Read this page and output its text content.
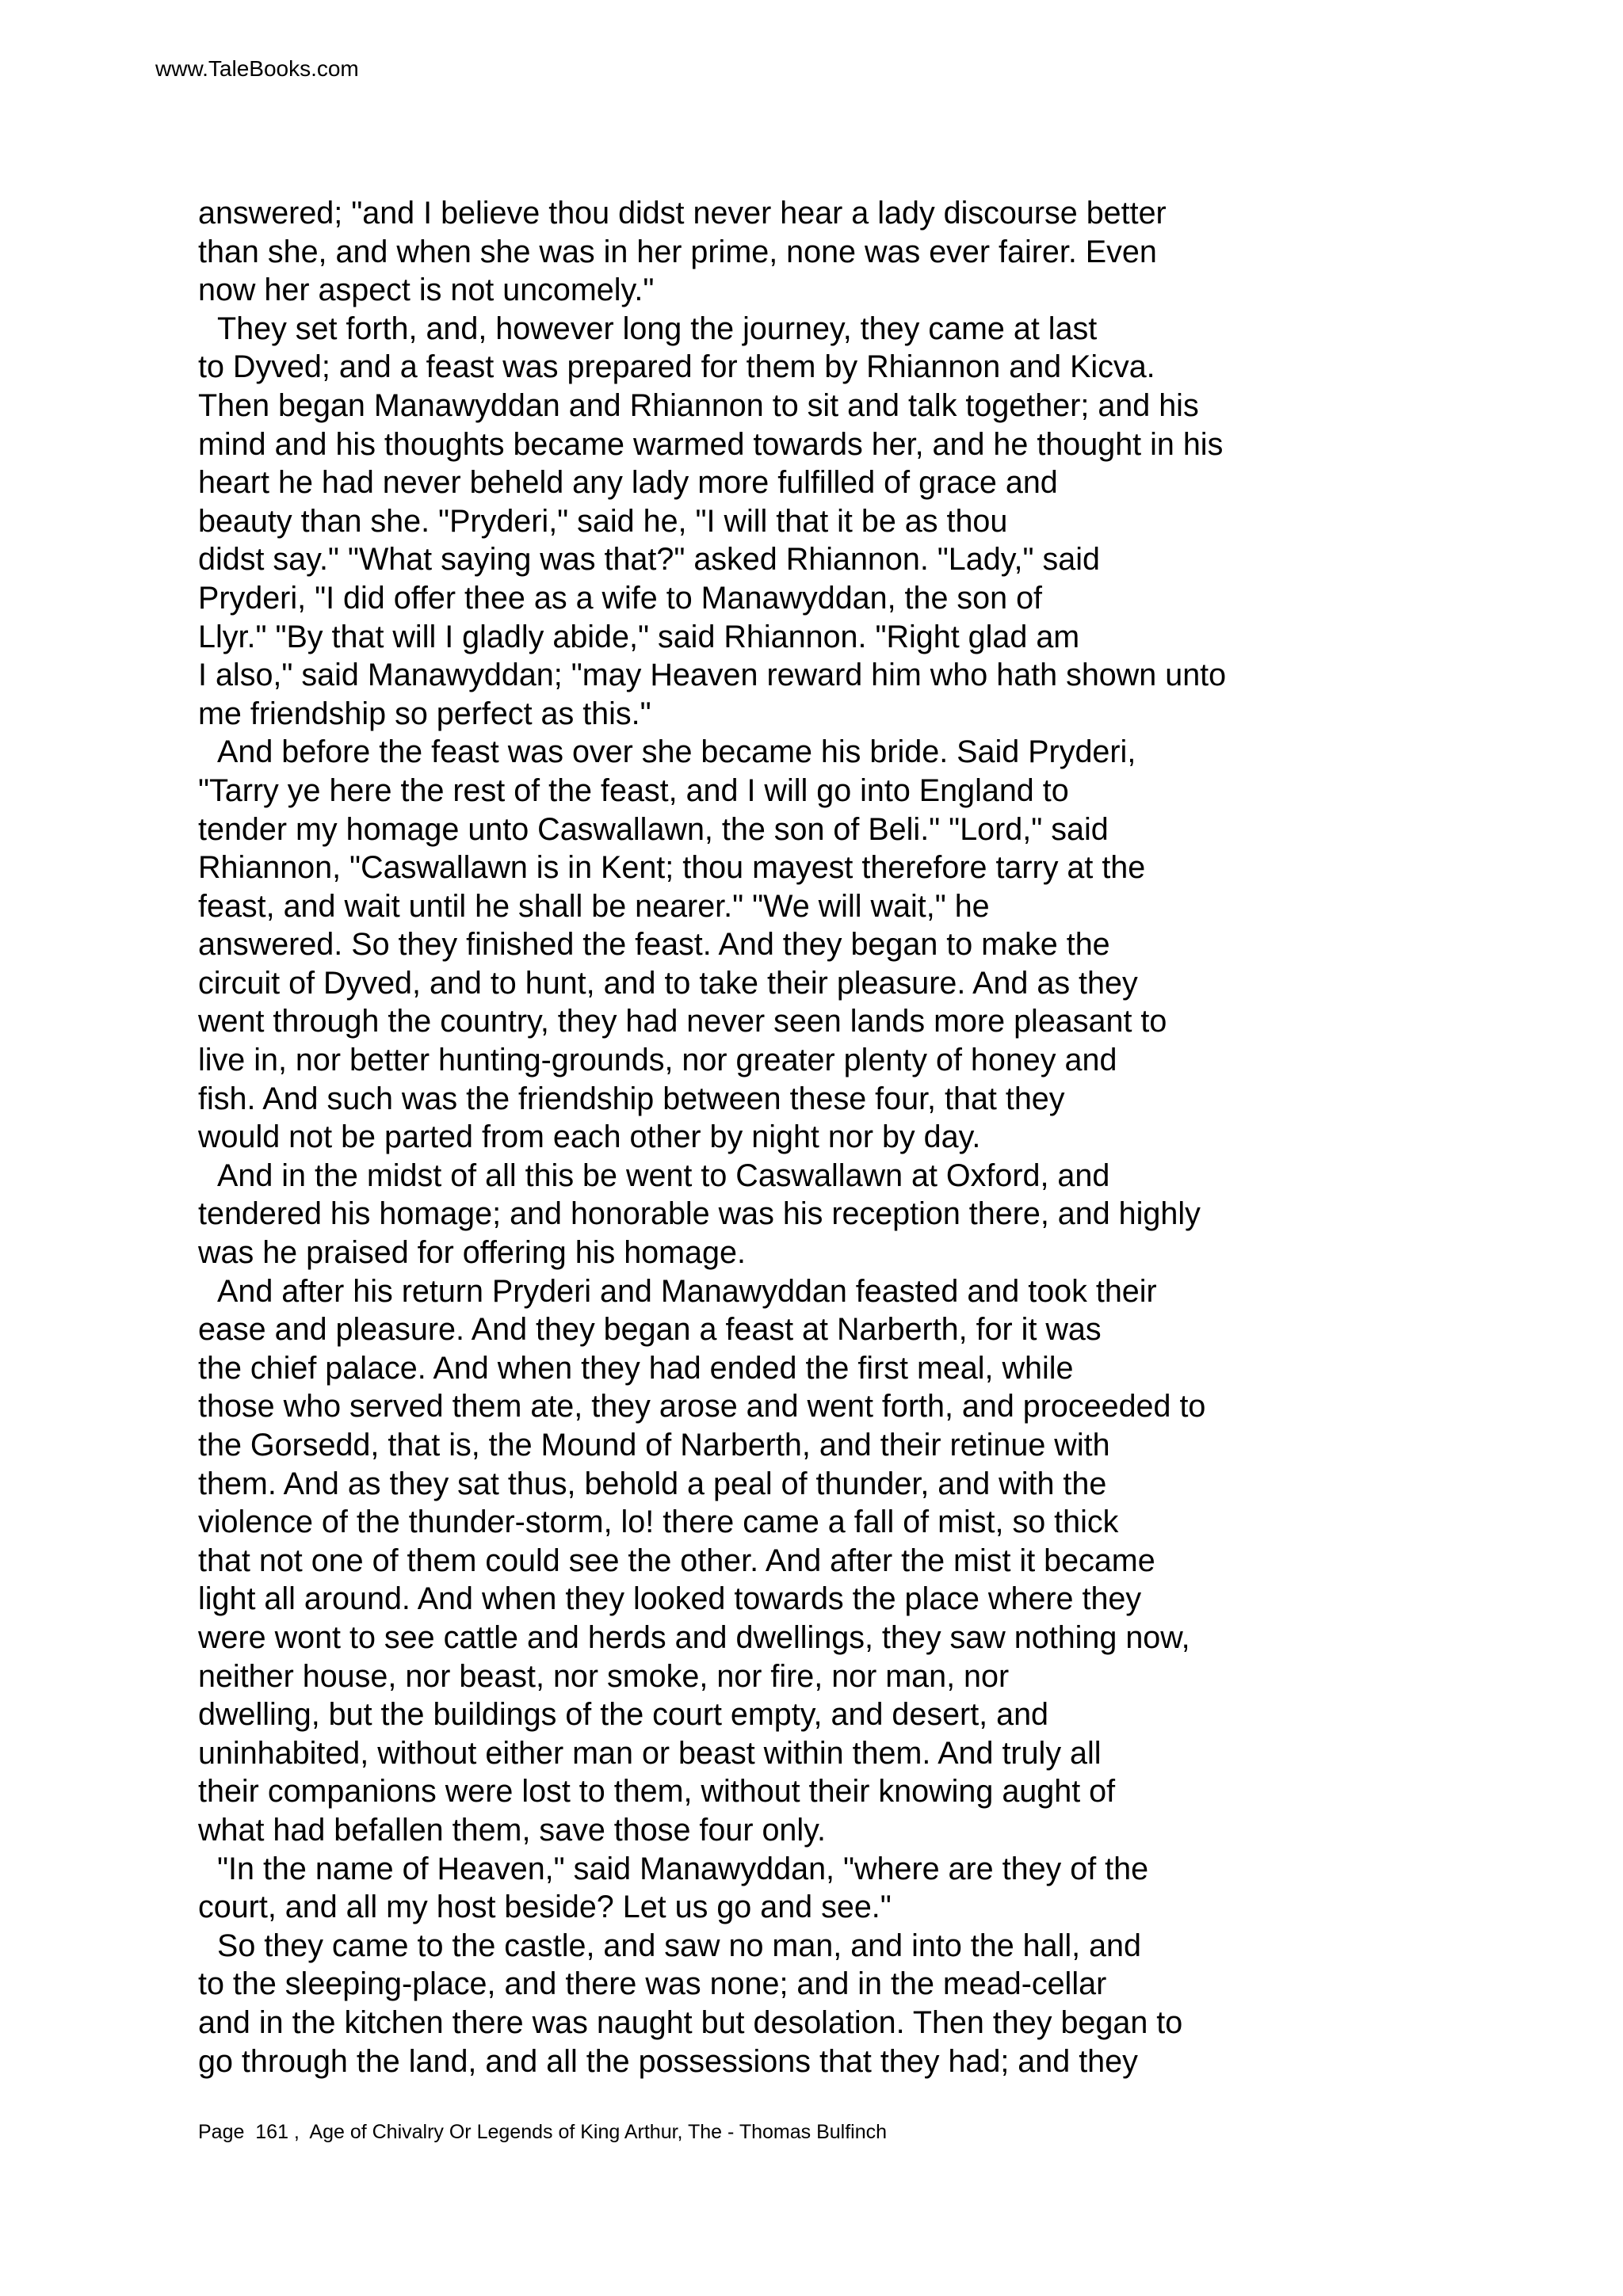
www.TaleBooks.com
answered; "and I believe thou didst never hear a lady discourse better
than she, and when she was in her prime, none was ever fairer. Even
now her aspect is not uncomely."
They set forth, and, however long the journey, they came at last
to Dyved; and a feast was prepared for them by Rhiannon and Kicva.
Then began Manawyddan and Rhiannon to sit and talk together; and his
mind and his thoughts became warmed towards her, and he thought in his
heart he had never beheld any lady more fulfilled of grace and
beauty than she. "Pryderi," said he, "I will that it be as thou
didst say." "What saying was that?" asked Rhiannon. "Lady," said
Pryderi, "I did offer thee as a wife to Manawyddan, the son of
Llyr." "By that will I gladly abide," said Rhiannon. "Right glad am
I also," said Manawyddan; "may Heaven reward him who hath shown unto
me friendship so perfect as this."
And before the feast was over she became his bride. Said Pryderi,
"Tarry ye here the rest of the feast, and I will go into England to
tender my homage unto Caswallawn, the son of Beli." "Lord," said
Rhiannon, "Caswallawn is in Kent; thou mayest therefore tarry at the
feast, and wait until he shall be nearer." "We will wait," he
answered. So they finished the feast. And they began to make the
circuit of Dyved, and to hunt, and to take their pleasure. And as they
went through the country, they had never seen lands more pleasant to
live in, nor better hunting-grounds, nor greater plenty of honey and
fish. And such was the friendship between these four, that they
would not be parted from each other by night nor by day.
And in the midst of all this be went to Caswallawn at Oxford, and
tendered his homage; and honorable was his reception there, and highly
was he praised for offering his homage.
And after his return Pryderi and Manawyddan feasted and took their
ease and pleasure. And they began a feast at Narberth, for it was
the chief palace. And when they had ended the first meal, while
those who served them ate, they arose and went forth, and proceeded to
the Gorsedd, that is, the Mound of Narberth, and their retinue with
them. And as they sat thus, behold a peal of thunder, and with the
violence of the thunder-storm, lo! there came a fall of mist, so thick
that not one of them could see the other. And after the mist it became
light all around. And when they looked towards the place where they
were wont to see cattle and herds and dwellings, they saw nothing now,
neither house, nor beast, nor smoke, nor fire, nor man, nor
dwelling, but the buildings of the court empty, and desert, and
uninhabited, without either man or beast within them. And truly all
their companions were lost to them, without their knowing aught of
what had befallen them, save those four only.
"In the name of Heaven," said Manawyddan, "where are they of the
court, and all my host beside? Let us go and see."
So they came to the castle, and saw no man, and into the hall, and
to the sleeping-place, and there was none; and in the mead-cellar
and in the kitchen there was naught but desolation. Then they began to
go through the land, and all the possessions that they had; and they
Page  161 ,  Age of Chivalry Or Legends of King Arthur, The - Thomas Bulfinch
